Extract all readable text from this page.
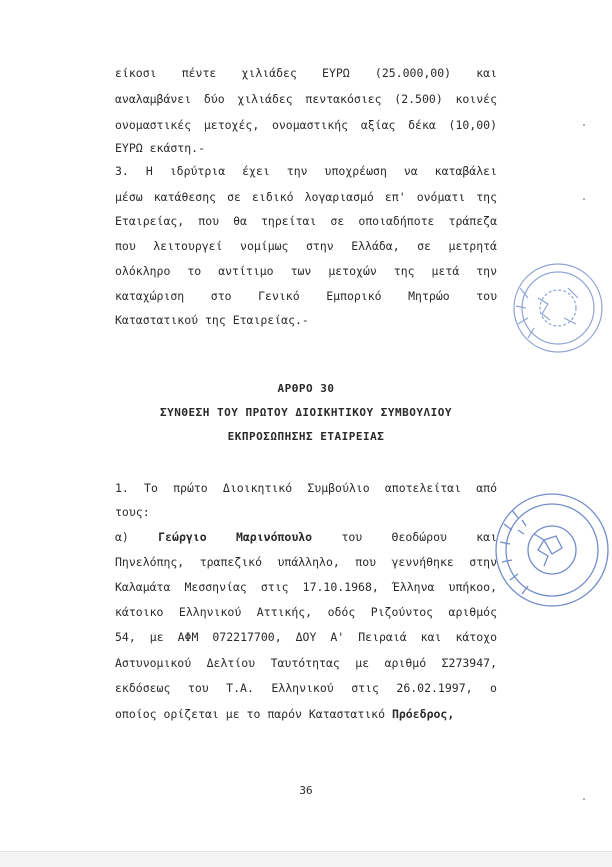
είκοσι πέντε χιλιάδες ΕΥΡΩ (25.000,00) και
αναλαμβάνει δύο χιλιάδες πεντακόσιες (2.500) κοινές
ονομαστικές μετοχές, ονομαστικής αξίας δέκα (10,00)
ΕΥΡΩ εκάστη.-
3. Η ιδρύτρια έχει την υποχρέωση να καταβάλει
μέσω κατάθεσης σε ειδικό λογαριασμό επ' ονόματι της
Εταιρείας, που θα τηρείται σε οποιαδήποτε τράπεζα
που λειτουργεί νομίμως στην Ελλάδα, σε μετρητά
ολόκληρο το αντίτιμο των μετοχών της μετά την
καταχώριση στο Γενικό Εμπορικό Μητρώο του
Καταστατικού της Εταιρείας.-
ΑΡΘΡΟ 30
ΣΥΝΘΕΣΗ ΤΟΥ ΠΡΩΤΟΥ ΔΙΟΙΚΗΤΙΚΟΥ ΣΥΜΒΟΥΛΙΟΥ
ΕΚΠΡΟΣΩΠΗΣΗΣ ΕΤΑΙΡΕΙΑΣ
1. Το πρώτο Διοικητικό Συμβούλιο αποτελείται από
τους:
α) Γεώργιο Μαρινόπουλο του Θεοδώρου και
Πηνελόπης, τραπεζικό υπάλληλο, που γεννήθηκε στην
Καλαμάτα Μεσσηνίας στις 17.10.1968, Έλληνα υπήκοο,
κάτοικο Ελληνικού Αττικής, οδός Ριζούντος αριθμός
54, με ΑΦΜ 072217700, ΔΟΥ Α' Πειραιά και κάτοχο
Αστυνομικού Δελτίου Ταυτότητας με αριθμό Σ273947,
εκδόσεως του Τ.Α. Ελληνικού στις 26.02.1997, ο
οποίος ορίζεται με το παρόν Καταστατικό Πρόεδρος,
36
